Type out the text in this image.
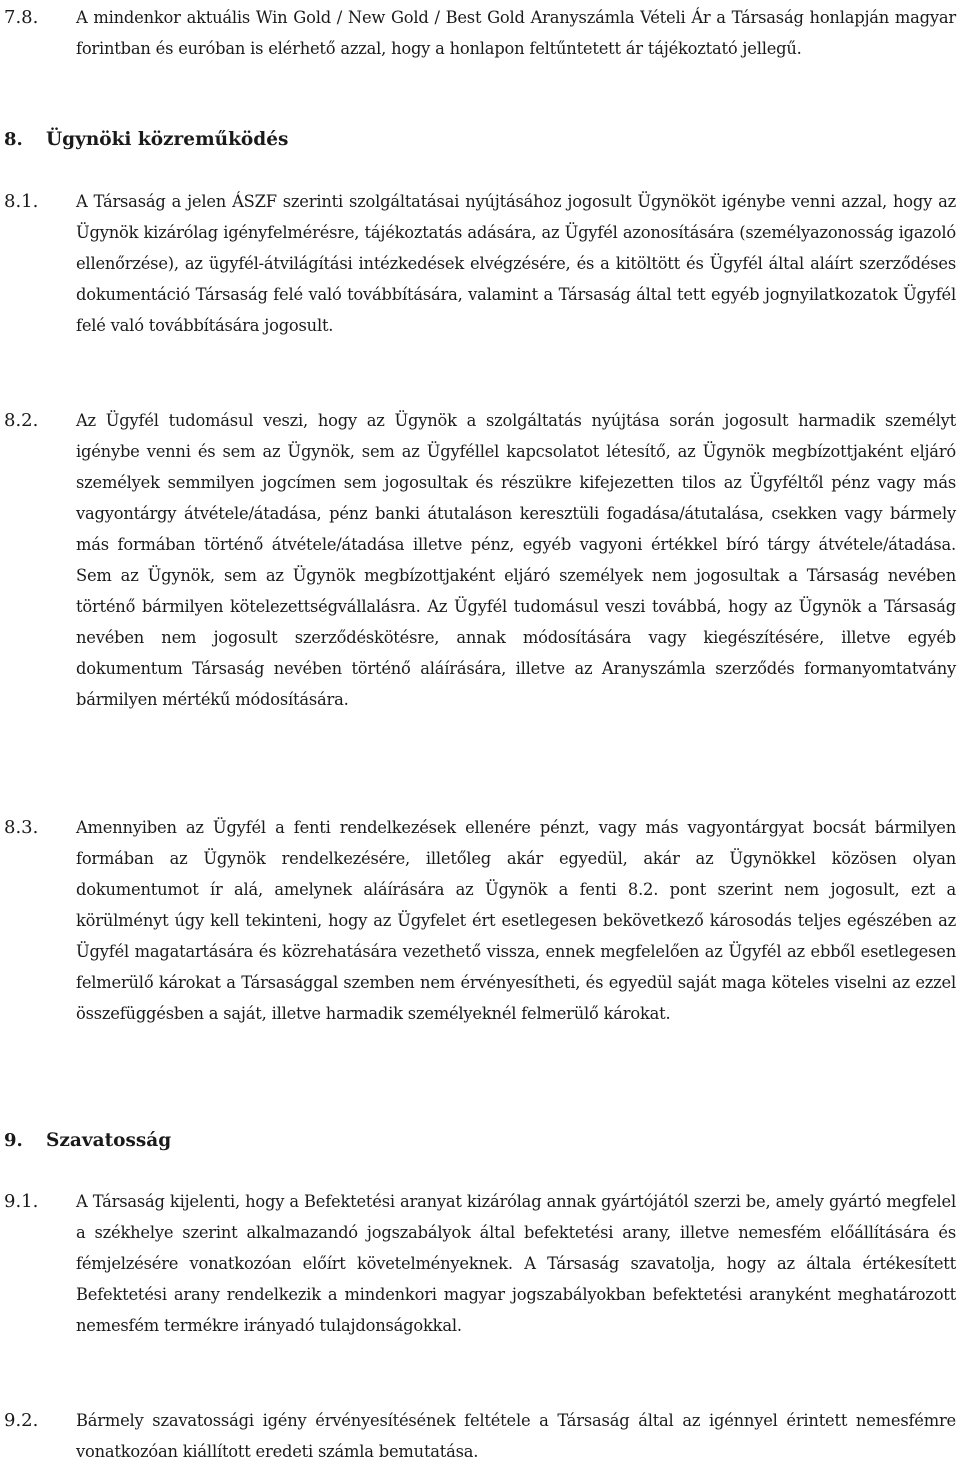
7.8. A mindenkor aktuális Win Gold / New Gold / Best Gold Aranyszámla Vételi Ár a Társaság honlapján magyar forintban és euróban is elérhető azzal, hogy a honlapon feltűntetett ár tájékoztató jellegű.
8. Ügynöki közreműködés
8.1. A Társaság a jelen ÁSZF szerinti szolgáltatásai nyújtásához jogosult Ügynököt igénybe venni azzal, hogy az Ügynök kizárólag igényfelmérésre, tájékoztatás adására, az Ügyfél azonosítására (személyazonosság igazoló ellenőrzése), az ügyfél-átvilágítási intézkedések elvégzésére, és a kitöltött és Ügyfél által aláírt szerződéses dokumentáció Társaság felé való továbbítására, valamint a Társaság által tett egyéb jognyilatkozatok Ügyfél felé való továbbítására jogosult.
8.2. Az Ügyfél tudomásul veszi, hogy az Ügynök a szolgáltatás nyújtása során jogosult harmadik személyt igénybe venni és sem az Ügynök, sem az Ügyféllel kapcsolatot létesítő, az Ügynök megbízottjaként eljáró személyek semmilyen jogcímen sem jogosultak és részükre kifejezetten tilos az Ügyféltől pénz vagy más vagyontárgy átvétele/átadása, pénz banki átutaláson keresztüli fogadása/átutalása, csekken vagy bármely más formában történő átvétele/átadása illetve pénz, egyéb vagyoni értékkel bíró tárgy átvétele/átadása. Sem az Ügynök, sem az Ügynök megbízottjaként eljáró személyek nem jogosultak a Társaság nevében történő bármilyen kötelezettségvállalásra. Az Ügyfél tudomásul veszi továbbá, hogy az Ügynök a Társaság nevében nem jogosult szerződéskötésre, annak módosítására vagy kiegészítésére, illetve egyéb dokumentum Társaság nevében történő aláírására, illetve az Aranyszámla szerződés formanyomtatvány bármilyen mértékű módosítására.
8.3. Amennyiben az Ügyfél a fenti rendelkezések ellenére pénzt, vagy más vagyontárgyat bocsát bármilyen formában az Ügynök rendelkezésére, illetőleg akár egyedül, akár az Ügynökkel közösen olyan dokumentumot ír alá, amelynek aláírására az Ügynök a fenti 8.2. pont szerint nem jogosult, ezt a körülményt úgy kell tekinteni, hogy az Ügyfelet ért esetlegesen bekövetkező károsodás teljes egészében az Ügyfél magatartására és közrehatására vezethető vissza, ennek megfelelően az Ügyfél az ebből esetlegesen felmerülő károkat a Társasággal szemben nem érvényesítheti, és egyedül saját maga köteles viselni az ezzel összefüggésben a saját, illetve harmadik személyeknél felmerülő károkat.
9. Szavatosság
9.1. A Társaság kijelenti, hogy a Befektetési aranyat kizárólag annak gyártójától szerzi be, amely gyártó megfelel a székhelye szerint alkalmazandó jogszabályok által befektetési arany, illetve nemesfém előállítására és fémjelzésére vonatkozóan előírt követelményeknek. A Társaság szavatolja, hogy az általa értékesített Befektetési arany rendelkezik a mindenkori magyar jogszabályokban befektetési aranyként meghatározott nemesfém termékre irányadó tulajdonságokkal.
9.2. Bármely szavatossági igény érvényesítésének feltétele a Társaság által az igénnyel érintett nemesfémre vonatkozóan kiállított eredeti számla bemutatása.
